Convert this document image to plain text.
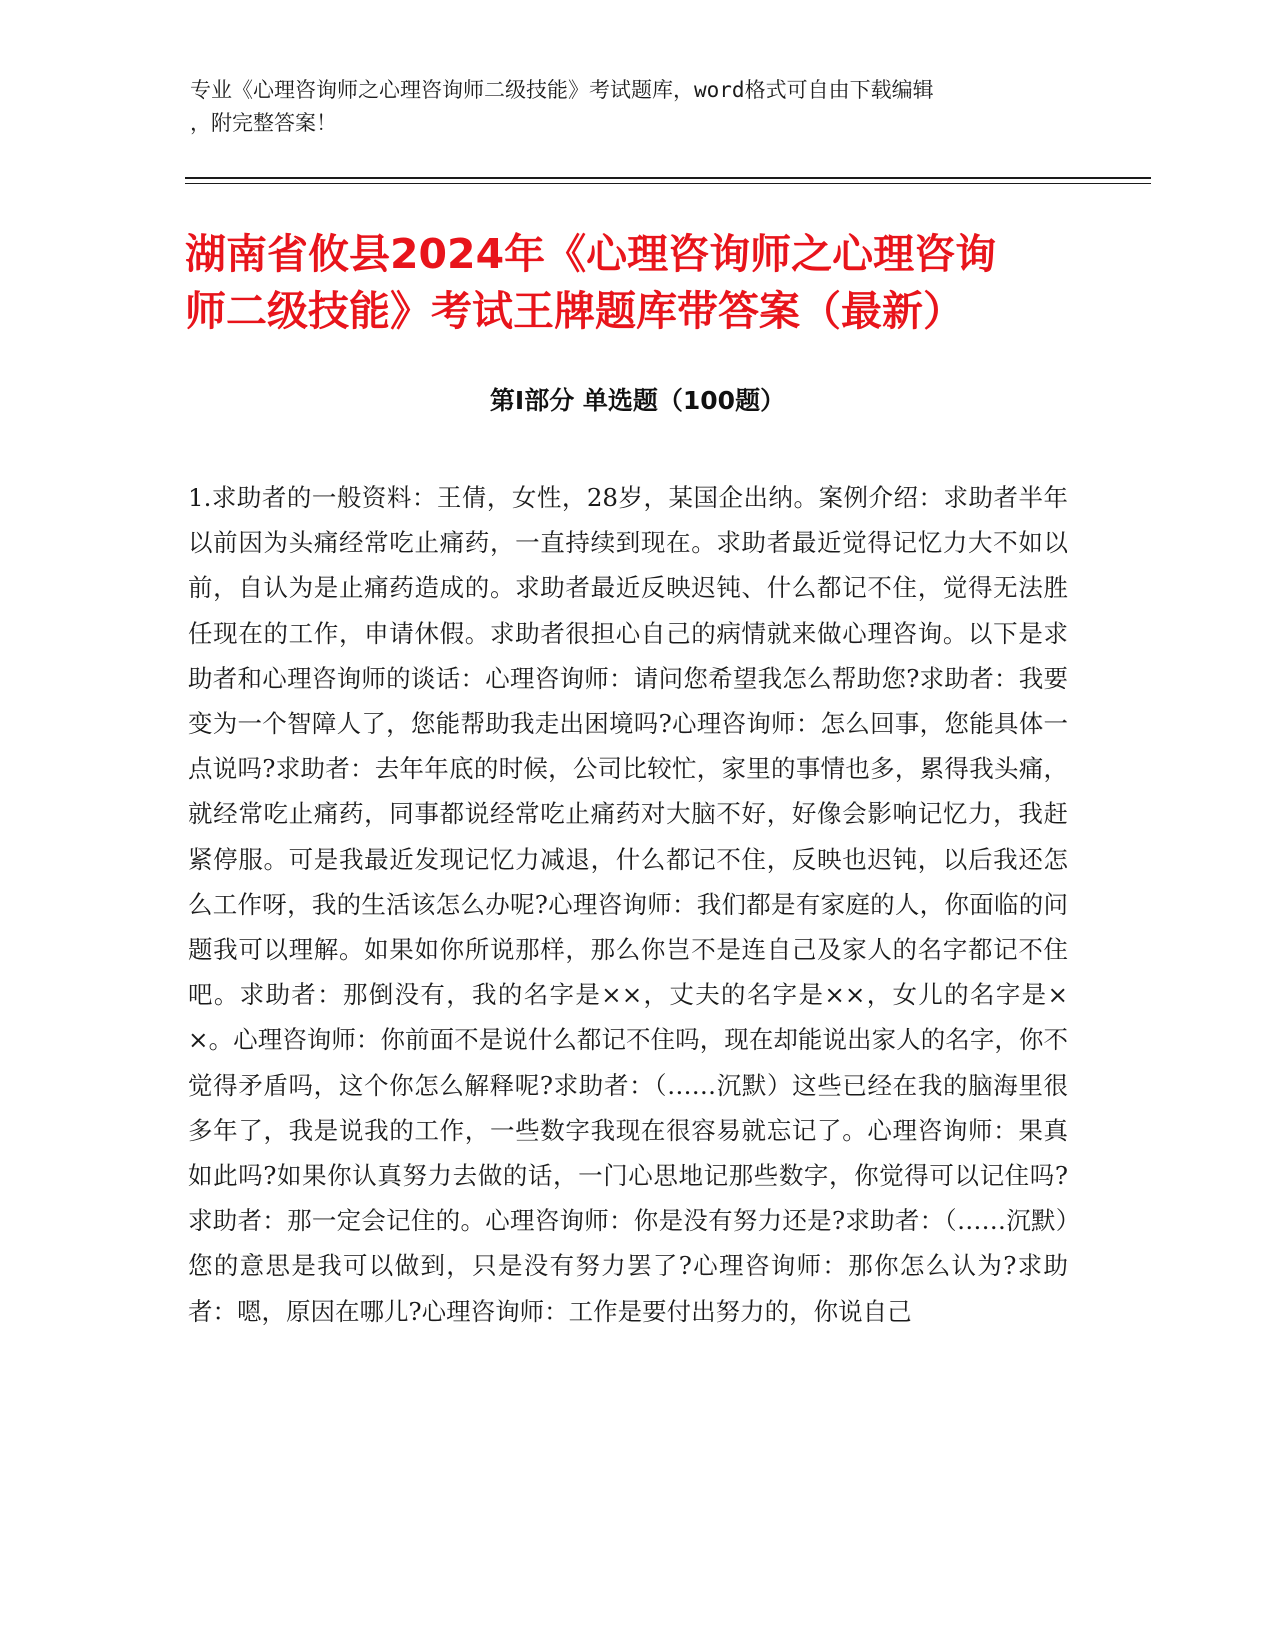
专业《心理咨询师之心理咨询师二级技能》考试题库，word格式可自由下载编辑
，附完整答案！
湖南省攸县2024年《心理咨询师之心理咨询
师二级技能》考试王牌题库带答案（最新）
第Ⅰ部分 单选题（100题）
1.求助者的一般资料：王倩，女性，28岁，某国企出纳。案例介绍：求助者半年以前因为头痛经常吃止痛药，一直持续到现在。求助者最近觉得记忆力大不如以前，自认为是止痛药造成的。求助者最近反映迟钝、什么都记不住，觉得无法胜任现在的工作，申请休假。求助者很担心自己的病情就来做心理咨询。以下是求助者和心理咨询师的谈话：心理咨询师：请问您希望我怎么帮助您?求助者：我要变为一个智障人了，您能帮助我走出困境吗?心理咨询师：怎么回事，您能具体一点说吗?求助者：去年年底的时候，公司比较忙，家里的事情也多，累得我头痛，就经常吃止痛药，同事都说经常吃止痛药对大脑不好，好像会影响记忆力，我赶紧停服。可是我最近发现记忆力减退，什么都记不住，反映也迟钝，以后我还怎么工作呀，我的生活该怎么办呢?心理咨询师：我们都是有家庭的人，你面临的问题我可以理解。如果如你所说那样，那么你岂不是连自己及家人的名字都记不住吧。求助者：那倒没有，我的名字是××，丈夫的名字是××，女儿的名字是××。心理咨询师：你前面不是说什么都记不住吗，现在却能说出家人的名字，你不觉得矛盾吗，这个你怎么解释呢?求助者：（……沉默）这些已经在我的脑海里很多年了，我是说我的工作，一些数字我现在很容易就忘记了。心理咨询师：果真如此吗?如果你认真努力去做的话，一门心思地记那些数字，你觉得可以记住吗?求助者：那一定会记住的。心理咨询师：你是没有努力还是?求助者：（……沉默）您的意思是我可以做到，只是没有努力罢了?心理咨询师：那你怎么认为?求助者：嗯，原因在哪儿?心理咨询师：工作是要付出努力的，你说自己
